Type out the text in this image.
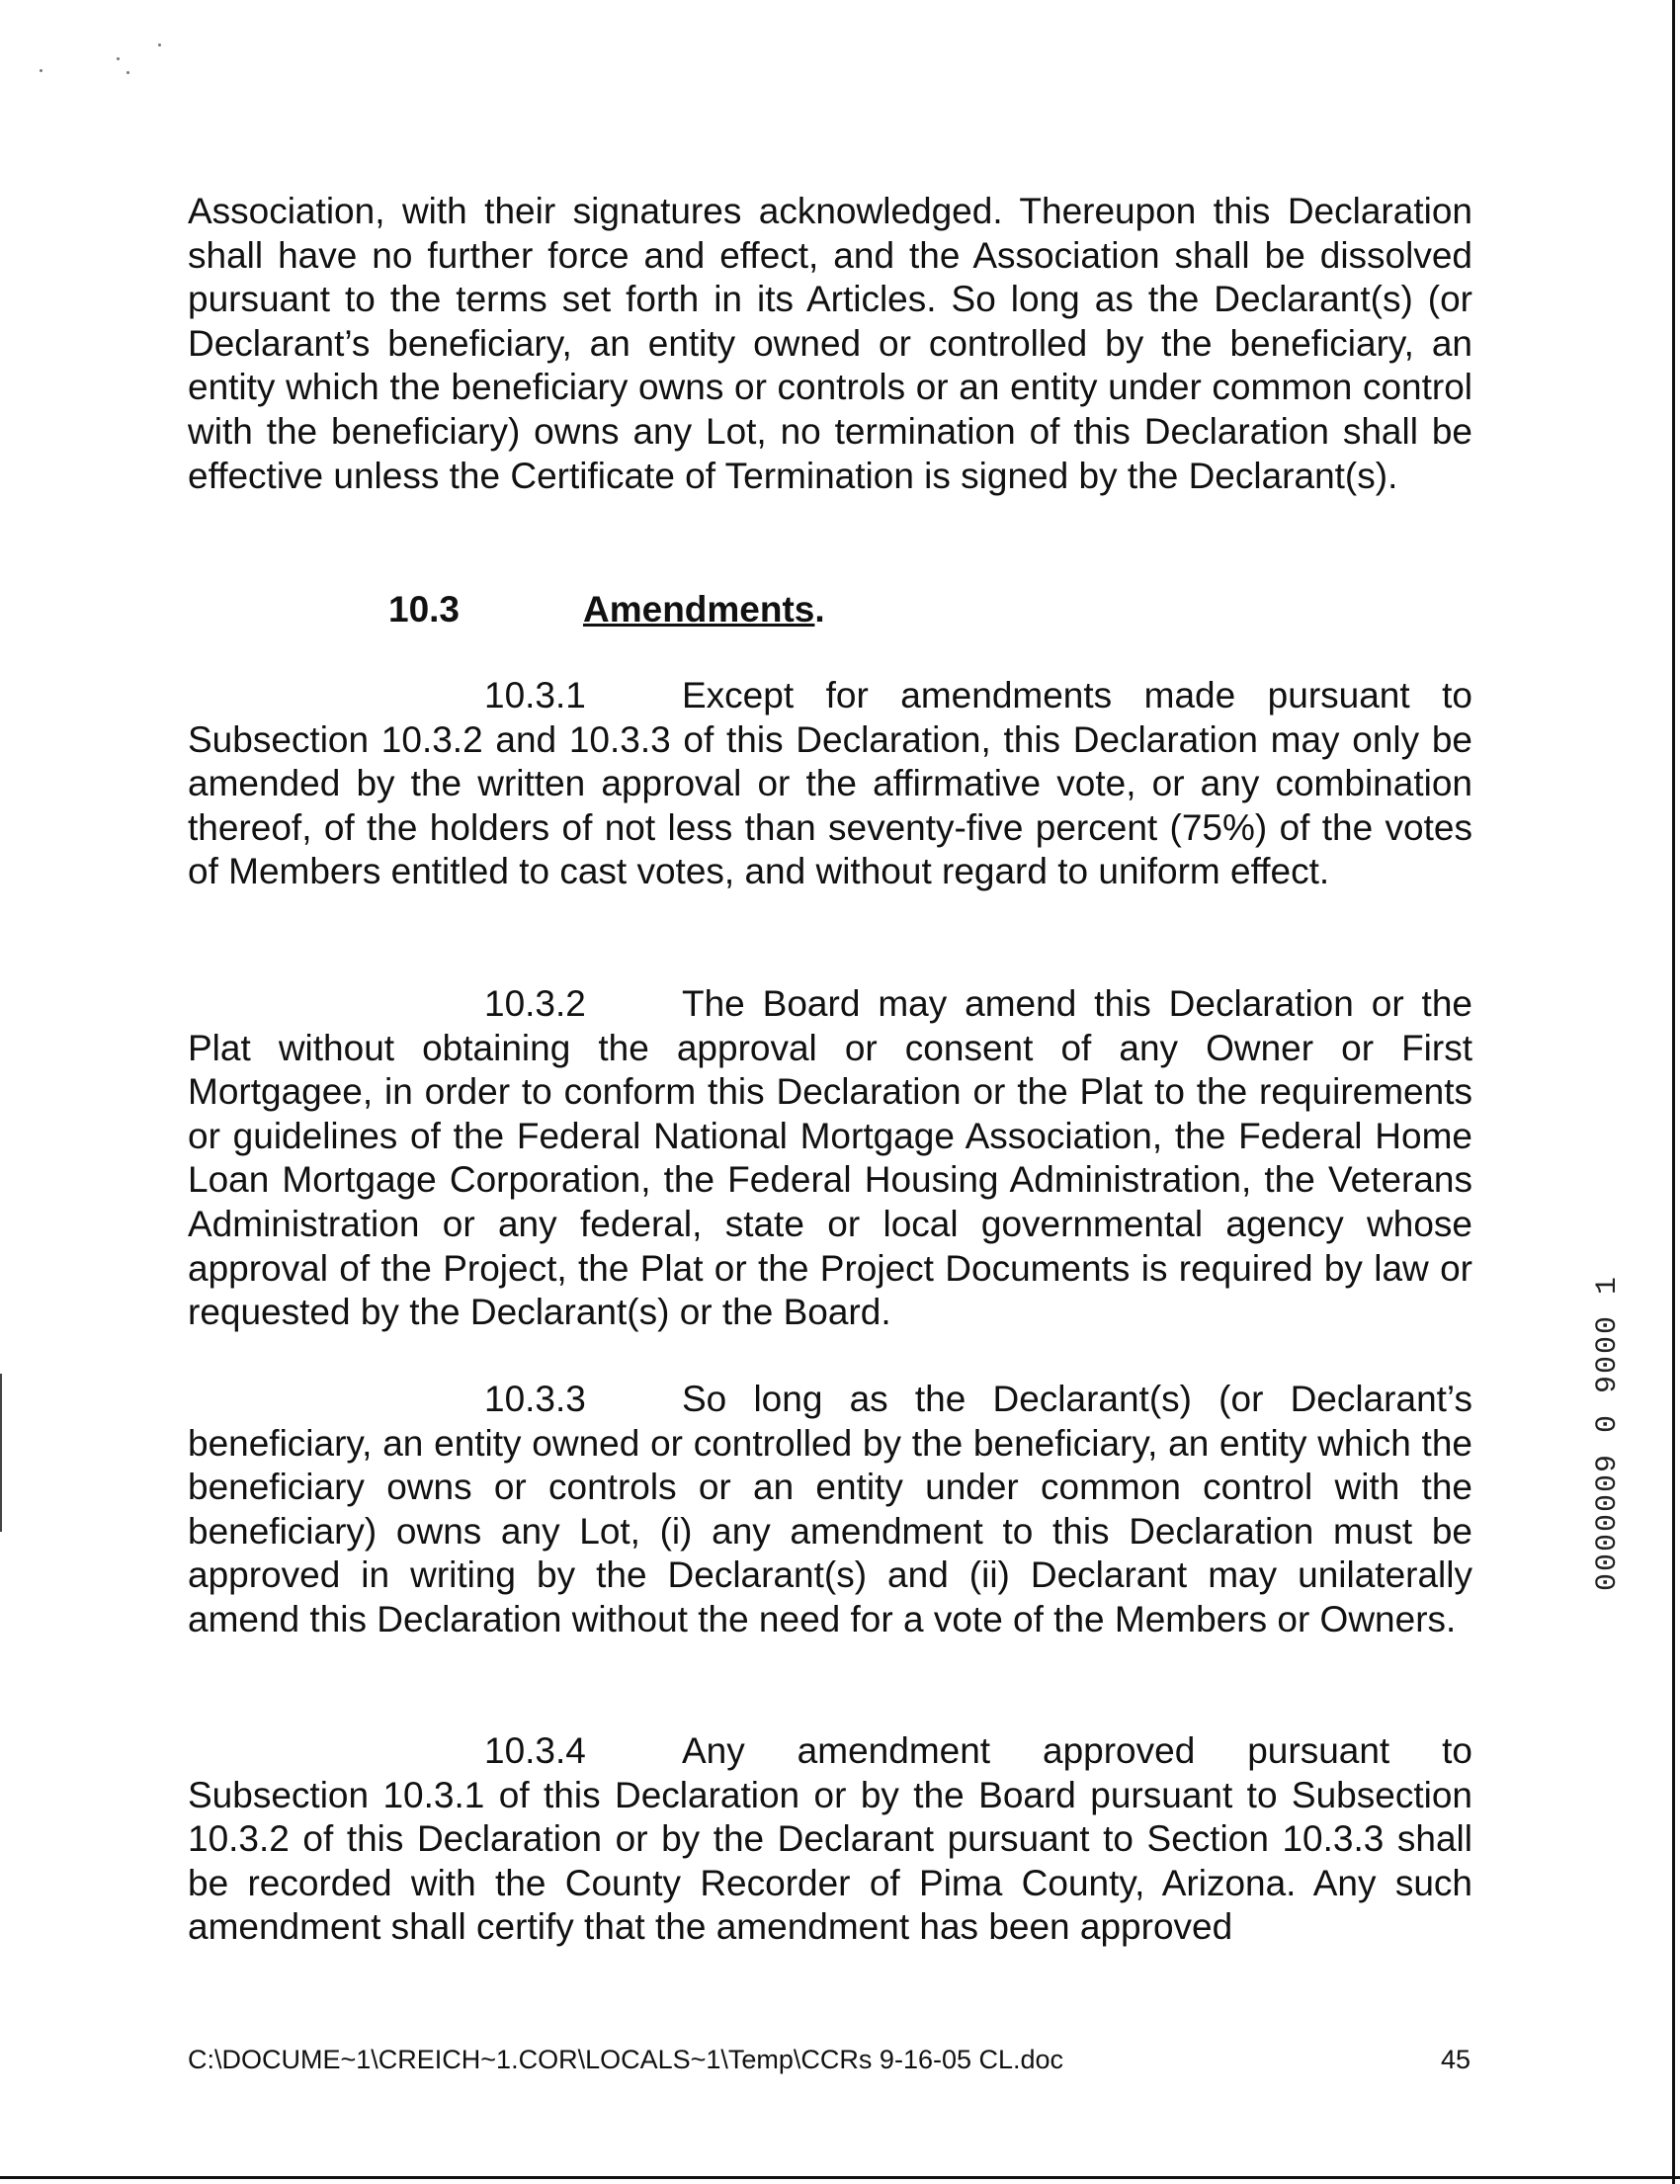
Association, with their signatures acknowledged. Thereupon this Declaration shall have no further force and effect, and the Association shall be dissolved pursuant to the terms set forth in its Articles. So long as the Declarant(s) (or Declarant’s beneficiary, an entity owned or controlled by the beneficiary, an entity which the beneficiary owns or controls or an entity under common control with the beneficiary) owns any Lot, no termination of this Declaration shall be effective unless the Certificate of Termination is signed by the Declarant(s).

10.3	Amendments.

10.3.1	Except for amendments made pursuant to Subsection 10.3.2 and 10.3.3 of this Declaration, this Declaration may only be amended by the written approval or the affirmative vote, or any combination thereof, of the holders of not less than seventy-five percent (75%) of the votes of Members entitled to cast votes, and without regard to uniform effect.

10.3.2	The Board may amend this Declaration or the Plat without obtaining the approval or consent of any Owner or First Mortgagee, in order to conform this Declaration or the Plat to the requirements or guidelines of the Federal National Mortgage Association, the Federal Home Loan Mortgage Corporation, the Federal Housing Administration, the Veterans Administration or any federal, state or local governmental agency whose approval of the Project, the Plat or the Project Documents is required by law or requested by the Declarant(s) or the Board.

10.3.3	So long as the Declarant(s) (or Declarant’s beneficiary, an entity owned or controlled by the beneficiary, an entity which the beneficiary owns or controls or an entity under common control with the beneficiary) owns any Lot, (i) any amendment to this Declaration must be approved in writing by the Declarant(s) and (ii) Declarant may unilaterally amend this Declaration without the need for a vote of the Members or Owners.

10.3.4	Any amendment approved pursuant to Subsection 10.3.1 of this Declaration or by the Board pursuant to Subsection 10.3.2 of this Declaration or by the Declarant pursuant to Section 10.3.3 shall be recorded with the County Recorder of Pima County, Arizona. Any such amendment shall certify that the amendment has been approved

0000009 0 9000 1
C:\DOCUME~1\CREICH~1.COR\LOCALS~1\Temp\CCRs 9-16-05 CL.doc	45
